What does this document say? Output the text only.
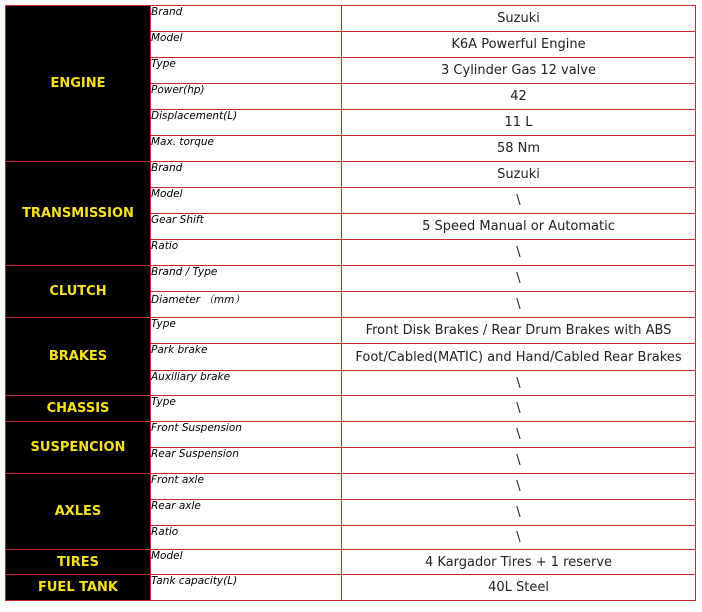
ENGINE	Brand	Suzuki
	Model	K6A Powerful Engine
	Type	3 Cylinder Gas 12 valve
	Power(hp)	42
	Displacement(L)	11 L
	Max. torque	58 Nm
TRANSMISSION	Brand	Suzuki
	Model	\
	Gear Shift	5 Speed Manual or Automatic
	Ratio	\
CLUTCH	Brand / Type	\
	Diameter （mm）	\
BRAKES	Type	Front Disk Brakes / Rear Drum Brakes with ABS
	Park brake	Foot/Cabled(MATIC) and Hand/Cabled Rear Brakes
	Auxiliary brake	\
CHASSIS	Type	\
SUSPENCION	Front Suspension	\
	Rear Suspension	\
AXLES	Front axle	\
	Rear axle	\
	Ratio	\
TIRES	Model	4 Kargador Tires + 1 reserve
FUEL TANK	Tank capacity(L)	40L Steel
